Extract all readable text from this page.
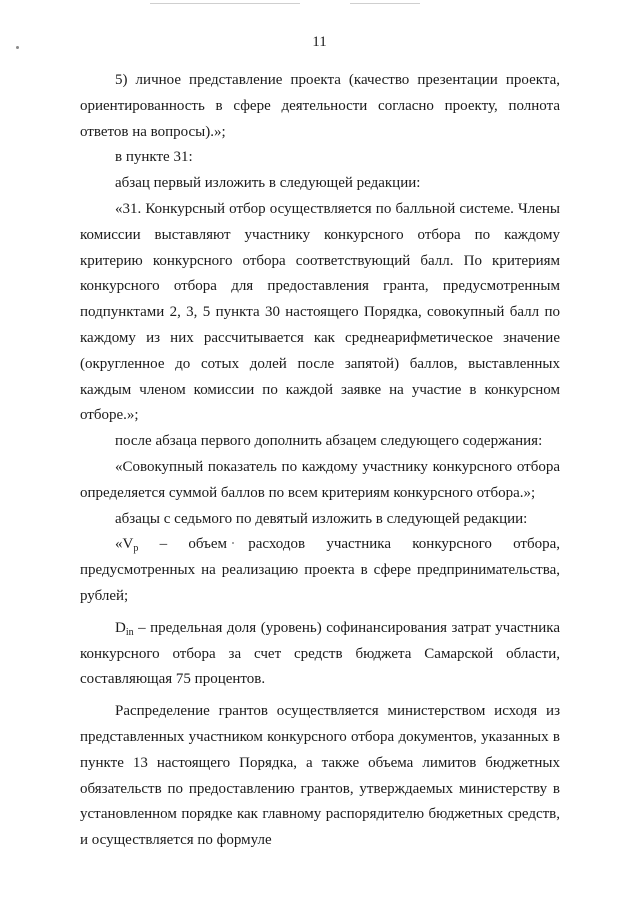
11

5) личное представление проекта (качество презентации проекта, ориентированность в сфере деятельности согласно проекту, полнота ответов на вопросы).»;

в пункте 31:

абзац первый изложить в следующей редакции:

«31. Конкурсный отбор осуществляется по балльной системе. Члены комиссии выставляют участнику конкурсного отбора по каждому критерию конкурсного отбора соответствующий балл. По критериям конкурсного отбора для предоставления гранта, предусмотренным подпунктами 2, 3, 5 пункта 30 настоящего Порядка, совокупный балл по каждому из них рассчитывается как среднеарифметическое значение (округленное до сотых долей после запятой) баллов, выставленных каждым членом комиссии по каждой заявке на участие в конкурсном отборе.»;

после абзаца первого дополнить абзацем следующего содержания:

«Совокупный показатель по каждому участнику конкурсного отбора определяется суммой баллов по всем критериям конкурсного отбора.»;

абзацы с седьмого по девятый изложить в следующей редакции:

«$V_p$ – объем расходов участника конкурсного отбора, предусмотренных на реализацию проекта в сфере предпринимательства, рублей;

$D_{in}$ – предельная доля (уровень) софинансирования затрат участника конкурсного отбора за счет средств бюджета Самарской области, составляющая 75 процентов.

Распределение грантов осуществляется министерством исходя из представленных участником конкурсного отбора документов, указанных в пункте 13 настоящего Порядка, а также объема лимитов бюджетных обязательств по предоставлению грантов, утверждаемых министерству в установленном порядке как главному распорядителю бюджетных средств, и осуществляется по формуле
